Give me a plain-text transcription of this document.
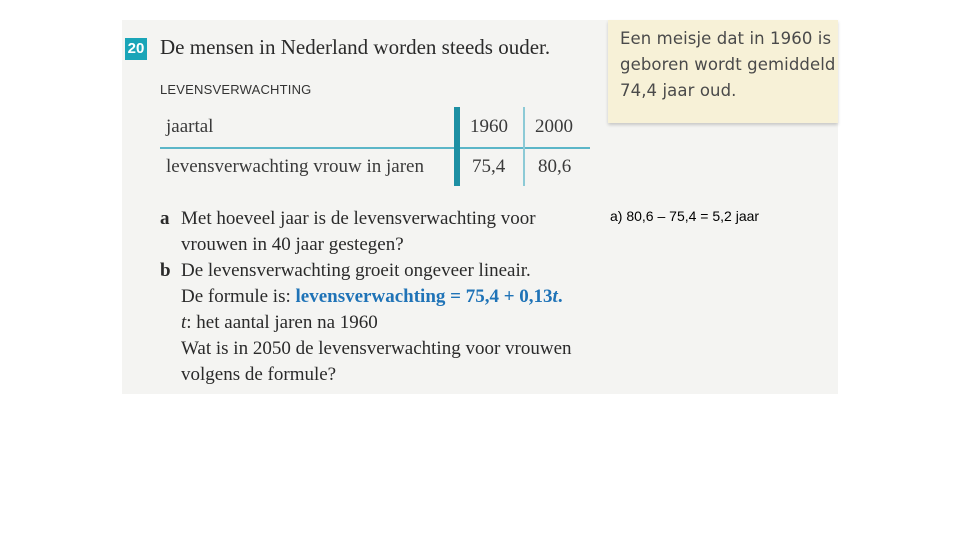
20 De mensen in Nederland worden steeds ouder.
LEVENSVERWACHTING
jaartal	1960 2000
levensverwachting vrouw in jaren	75,4 80,6
a Met hoeveel jaar is de levensverwachting voor
vrouwen in 40 jaar gestegen?
b De levensverwachting groeit ongeveer lineair.
De formule is: levensverwachting = 75,4 + 0,13t.
t: het aantal jaren na 1960
Wat is in 2050 de levensverwachting voor vrouwen
volgens de formule?
Een meisje dat in 1960 is
geboren wordt gemiddeld
74,4 jaar oud.
a) 80,6 – 75,4 = 5,2 jaar
